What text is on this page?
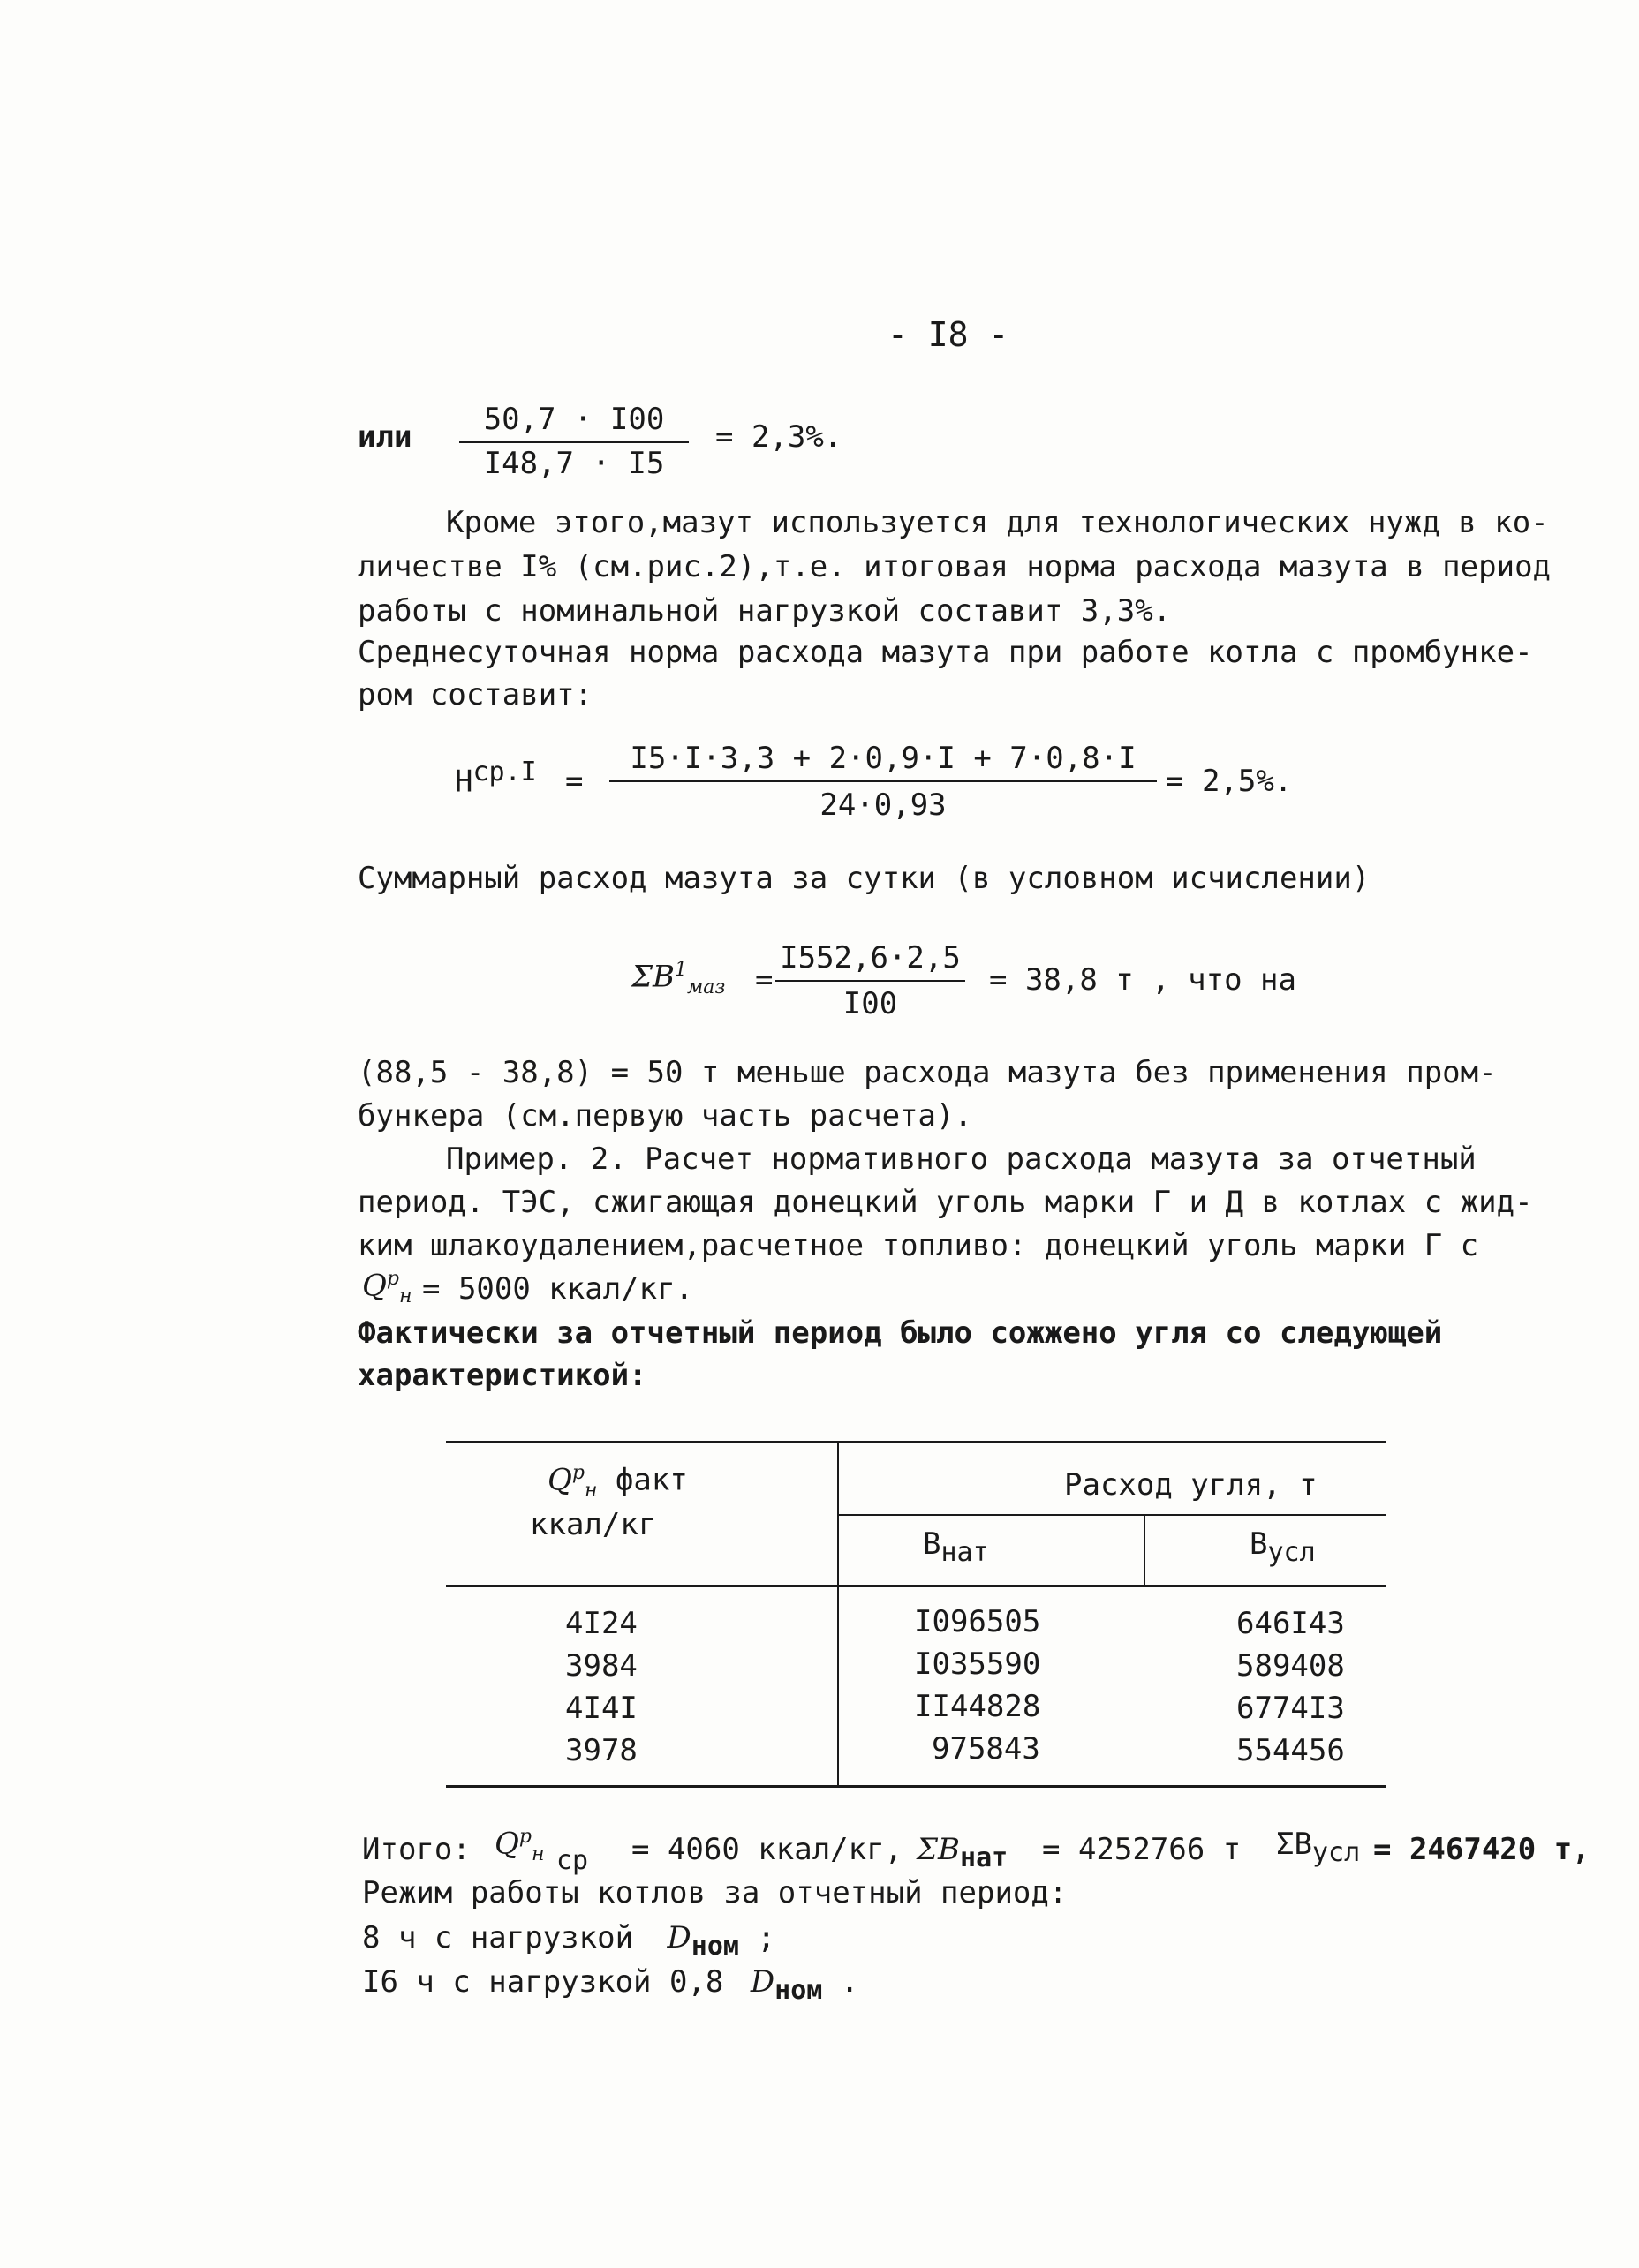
- I8 -
или	50,7 · I00
I48,7 · I5
= 2,3%.
Кроме этого,мазут используется для технологических нужд в ко-
личестве I% (см.рис.2),т.е. итоговая норма расхода мазута в период
работы с номинальной нагрузкой составит 3,3%.
Среднесуточная норма расхода мазута при работе котла с промбунке-
ром составит:
$H^{ср.I}$ =
I5·I·3,3 + 2·0,9·I + 7·0,8·I
24·0,93
= 2,5%.
Суммарный расход мазута за сутки (в условном исчислении)
$\Sigma B^1_{маз}$ =
I552,6·2,5
I00
= 38,8 т , что на
(88,5 - 38,8) = 50 т меньше расхода мазута без применения пром-
бункера (см.первую часть расчета).
Пример. 2. Расчет нормативного расхода мазута за отчетный
период. ТЭС, сжигающая донецкий уголь марки Г и Д в котлах с жид-
ким шлакоудалением,расчетное топливо: донецкий уголь марки Г с
$Q^р_н = 5000$ ккал/кг.
Фактически за отчетный период было сожжено угля со следующей
характеристикой:
$Q^р_н$ факт
ккал/кг
Расход угля, т
$B_{нат}$	$B_{усл}$
4I24	I096505	646I43
3984	I035590	589408
4I4I	II44828	6774I3
3978	975843	554456
Итого: $Q^р_н$ ср = 4060 ккал/кг, $\Sigma B_{нат} = 4252766$ т $\Sigma B_{усл} = 2467420$ т,
Режим работы котлов за отчетный период:
8 ч с нагрузкой $D_{ном}$ ;
I6 ч с нагрузкой 0,8 $D_{ном}$ .
